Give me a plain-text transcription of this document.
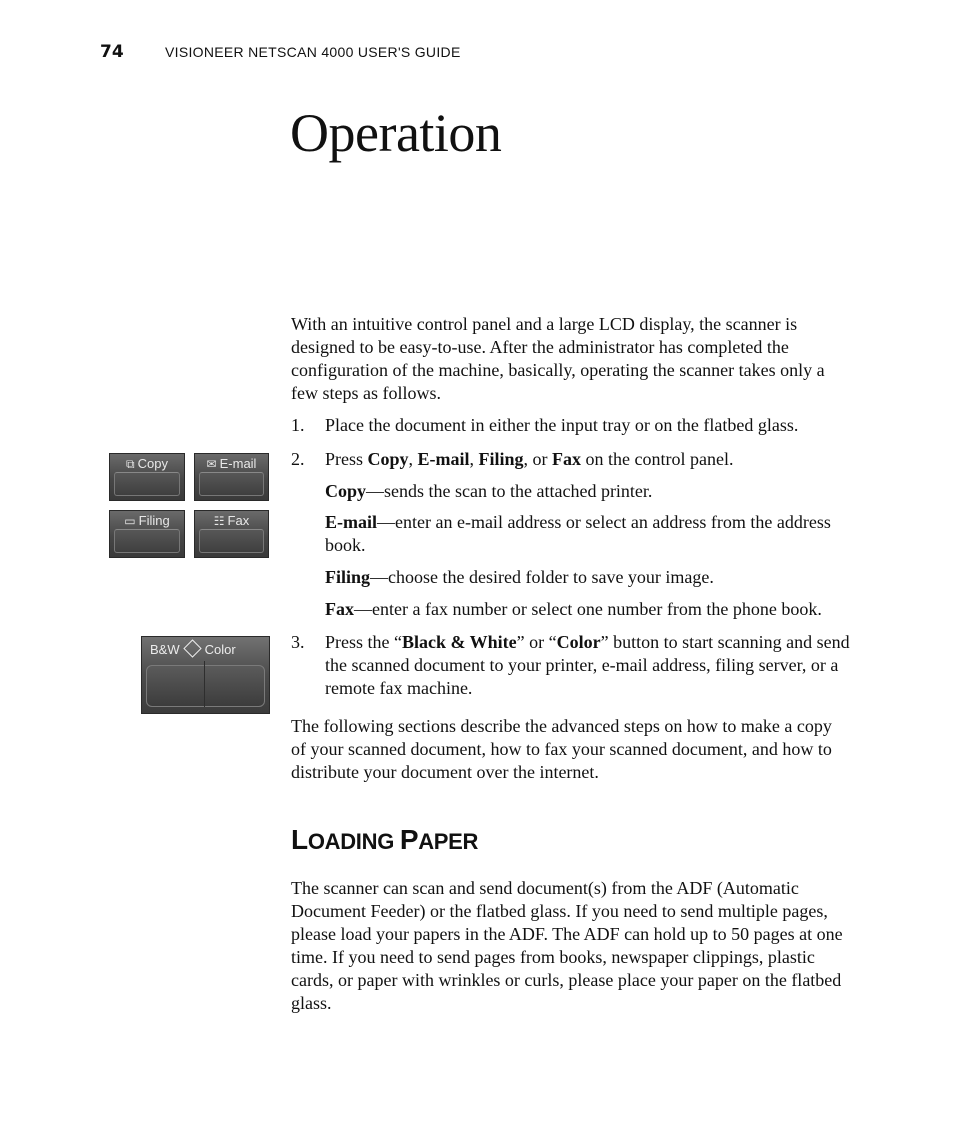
74	VISIONEER NETSCAN 4000 USER'S GUIDE
Operation

With an intuitive control panel and a large LCD display, the scanner is designed to be easy-to-use. After the administrator has completed the configuration of the machine, basically, operating the scanner takes only a few steps as follows.

1. Place the document in either the input tray or on the flatbed glass.
2. Press Copy, E-mail, Filing, or Fax on the control panel.
Copy—sends the scan to the attached printer.
E-mail—enter an e-mail address or select an address from the address book.
Filing—choose the desired folder to save your image.
Fax—enter a fax number or select one number from the phone book.
3. Press the “Black & White” or “Color” button to start scanning and send the scanned document to your printer, e-mail address, filing server, or a remote fax machine.

The following sections describe the advanced steps on how to make a copy of your scanned document, how to fax your scanned document, and how to distribute your document over the internet.

LOADING PAPER

The scanner can scan and send document(s) from the ADF (Automatic Document Feeder) or the flatbed glass. If you need to send multiple pages, please load your papers in the ADF. The ADF can hold up to 50 pages at one time. If you need to send pages from books, newspaper clippings, plastic cards, or paper with wrinkles or curls, please place your paper on the flatbed glass.

⧉ Copy	✉ E-mail
▭ Filing	☷ Fax
B&W Color
